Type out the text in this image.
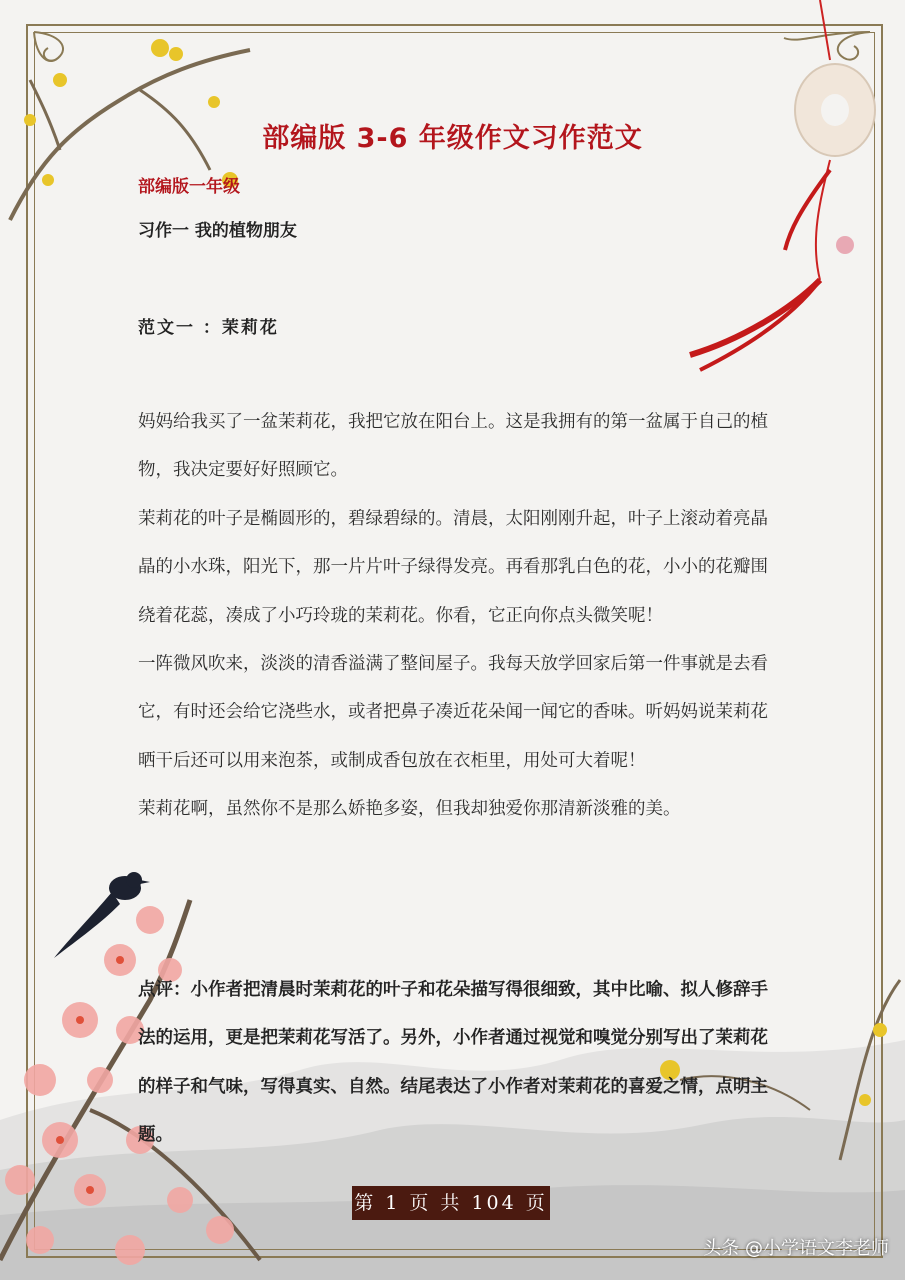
部编版 3-6 年级作文习作范文
部编版一年级
习作一 我的植物朋友
范文一 ：茉莉花

妈妈给我买了一盆茉莉花，我把它放在阳台上。这是我拥有的第一盆属于自己的植物，我决定要好好照顾它。

茉莉花的叶子是椭圆形的，碧绿碧绿的。清晨，太阳刚刚升起，叶子上滚动着亮晶晶的小水珠，阳光下，那一片片叶子绿得发亮。再看那乳白色的花，小小的花瓣围绕着花蕊，凑成了小巧玲珑的茉莉花。你看，它正向你点头微笑呢！

一阵微风吹来，淡淡的清香溢满了整间屋子。我每天放学回家后第一件事就是去看它，有时还会给它浇些水，或者把鼻子凑近花朵闻一闻它的香味。听妈妈说茉莉花晒干后还可以用来泡茶，或制成香包放在衣柜里，用处可大着呢！

茉莉花啊，虽然你不是那么娇艳多姿，但我却独爱你那清新淡雅的美。

点评：小作者把清晨时茉莉花的叶子和花朵描写得很细致，其中比喻、拟人修辞手法的运用，更是把茉莉花写活了。另外，小作者通过视觉和嗅觉分别写出了茉莉花的样子和气味，写得真实、自然。结尾表达了小作者对茉莉花的喜爱之情，点明主题。
第 1 页 共 104 页
头条 @小学语文李老师
